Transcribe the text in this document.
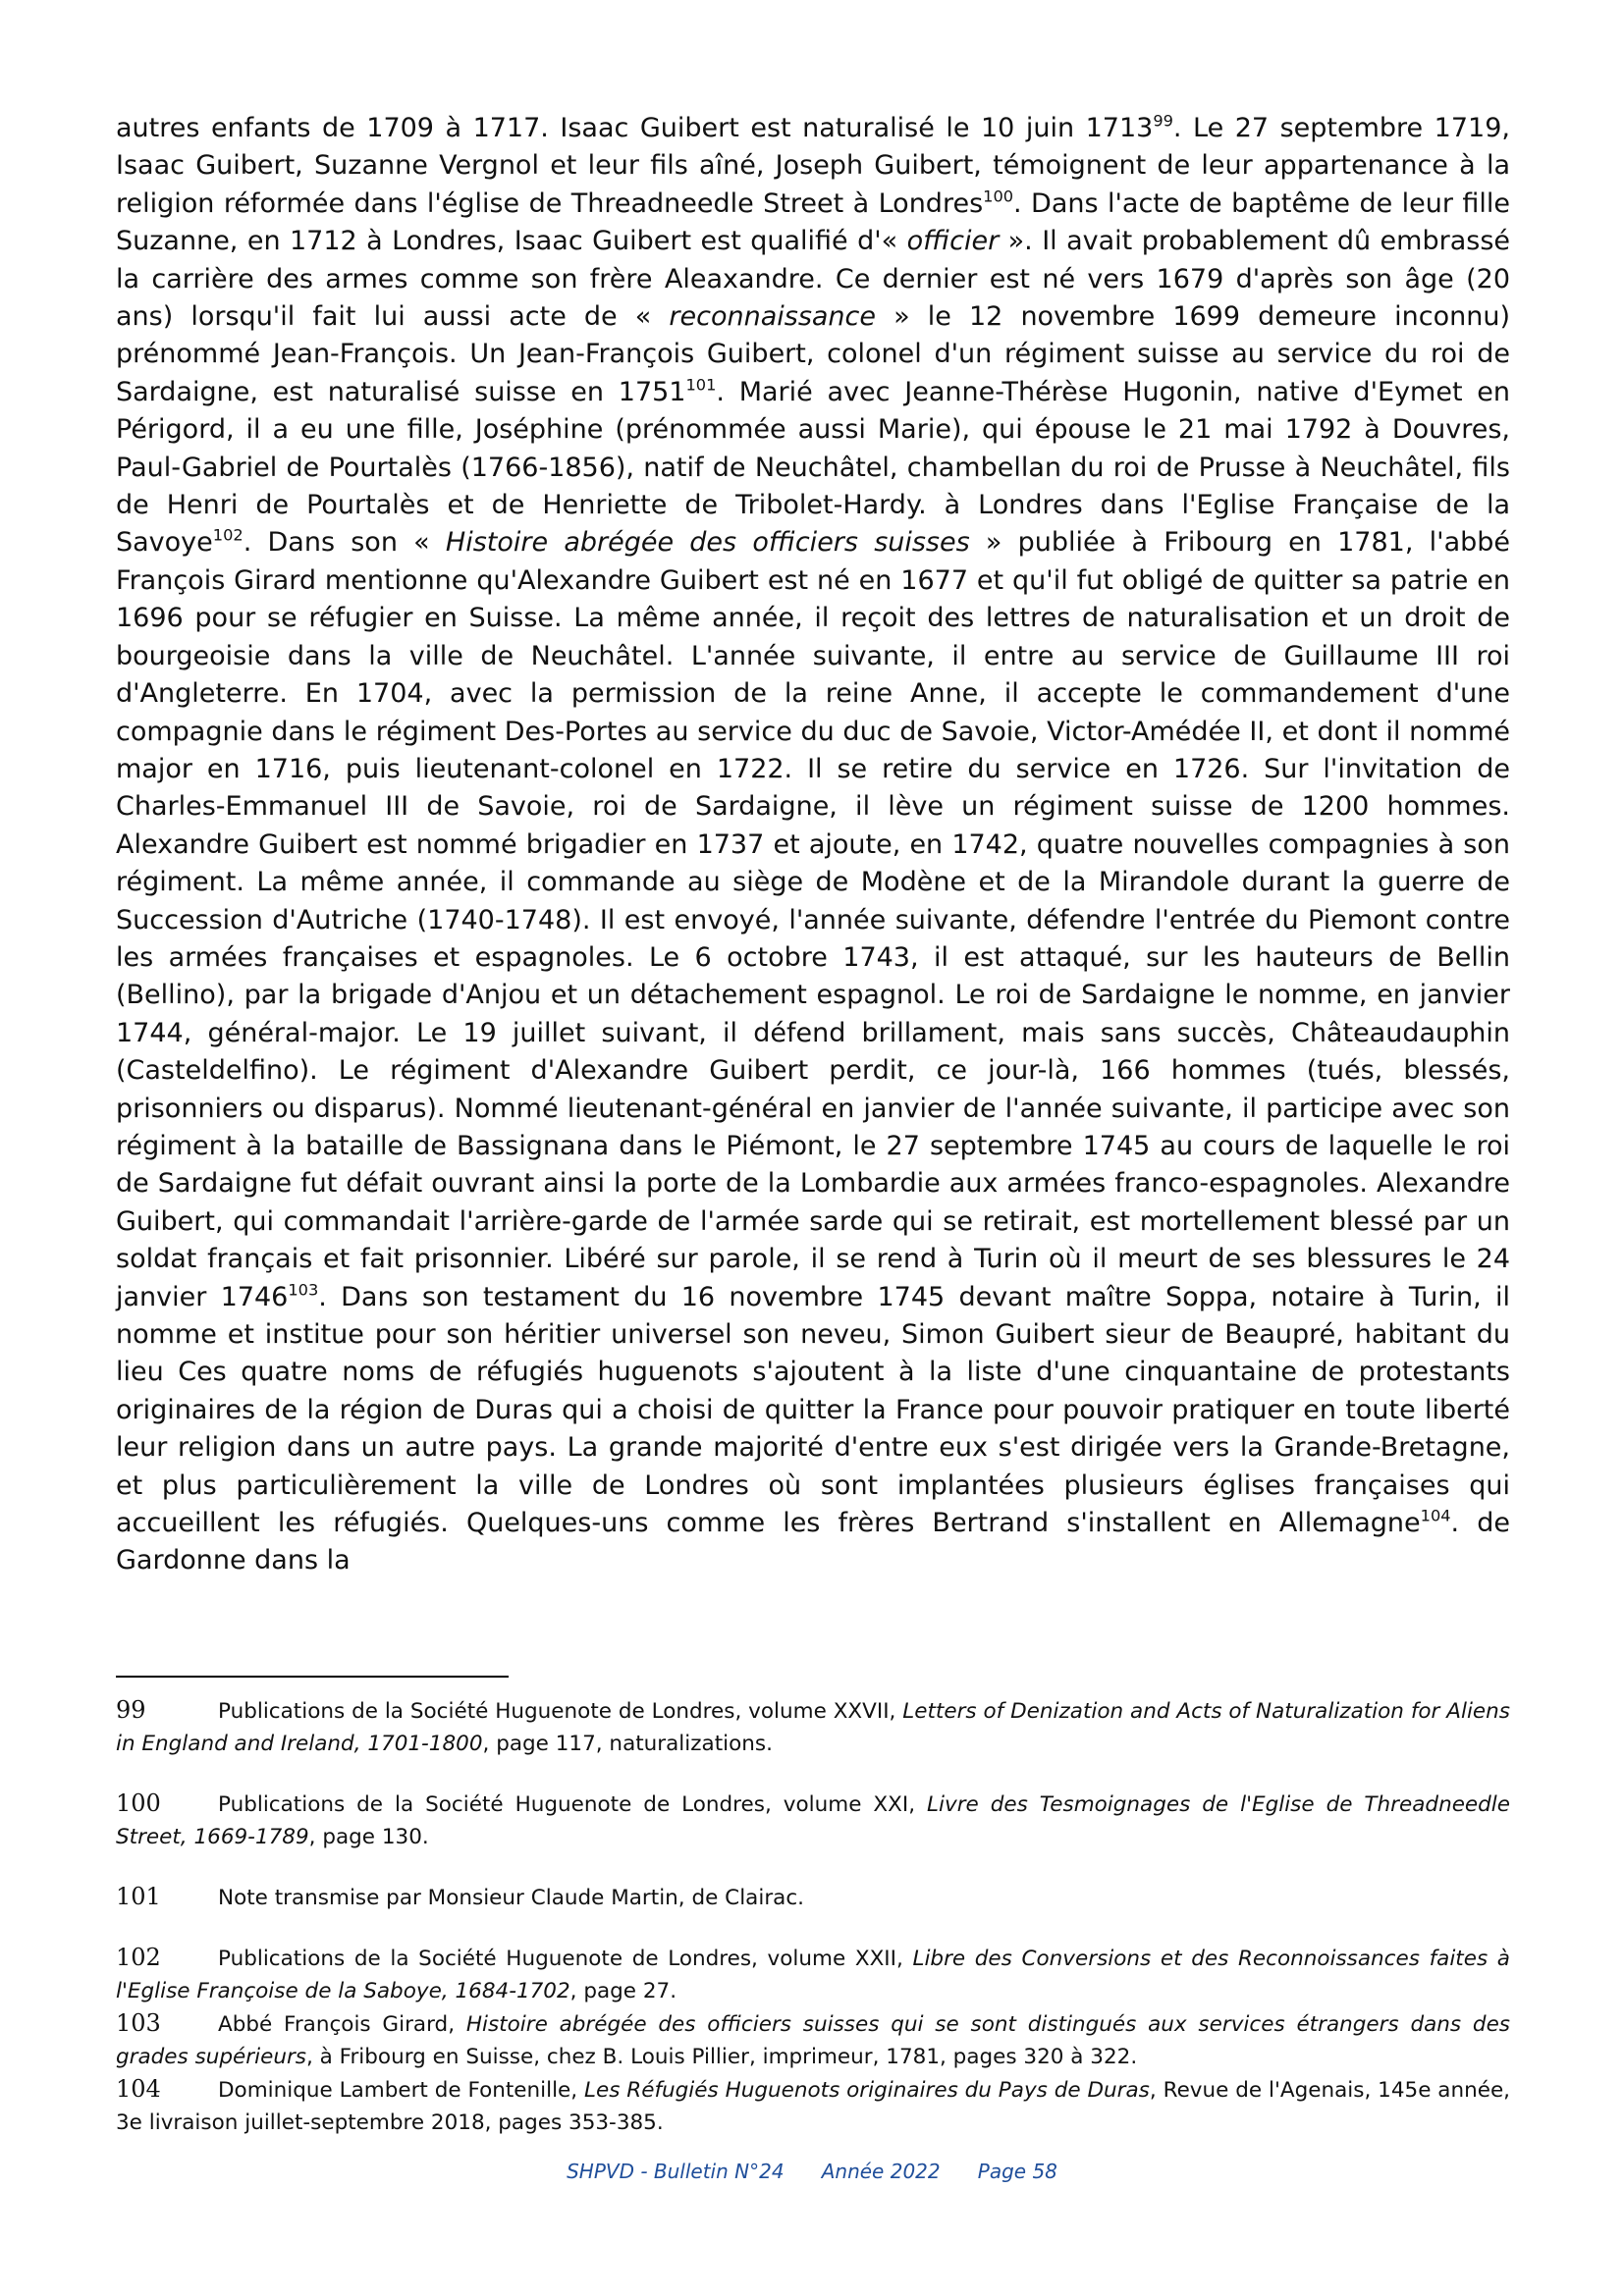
autres enfants de 1709 à 1717. Isaac Guibert est naturalisé le 10 juin 1713$^{99}$. Le 27 septembre 1719, Isaac Guibert, Suzanne Vergnol et leur fils aîné, Joseph Guibert, témoignent de leur appartenance à la religion réformée dans l'église de Threadneedle Street à Londres$^{100}$. Dans l'acte de baptême de leur fille Suzanne, en 1712 à Londres, Isaac Guibert est qualifié d'« officier ». Il avait probablement dû embrassé la carrière des armes comme son frère Aleaxandre. Ce dernier est né vers 1679 d'après son âge (20 ans) lorsqu'il fait lui aussi acte de « reconnaissance » le 12 novembre 1699 demeure inconnu) prénommé Jean-François. Un Jean-François Guibert, colonel d'un régiment suisse au service du roi de Sardaigne, est naturalisé suisse en 1751$^{101}$. Marié avec Jeanne-Thérèse Hugonin, native d'Eymet en Périgord, il a eu une fille, Joséphine (prénommée aussi Marie), qui épouse le 21 mai 1792 à Douvres, Paul-Gabriel de Pourtalès (1766-1856), natif de Neuchâtel, chambellan du roi de Prusse à Neuchâtel, fils de Henri de Pourtalès et de Henriette de Tribolet-Hardy. à Londres dans l'Eglise Française de la Savoye$^{102}$. Dans son « Histoire abrégée des officiers suisses » publiée à Fribourg en 1781, l'abbé François Girard mentionne qu'Alexandre Guibert est né en 1677 et qu'il fut obligé de quitter sa patrie en 1696 pour se réfugier en Suisse. La même année, il reçoit des lettres de naturalisation et un droit de bourgeoisie dans la ville de Neuchâtel. L'année suivante, il entre au service de Guillaume III roi d'Angleterre. En 1704, avec la permission de la reine Anne, il accepte le commandement d'une compagnie dans le régiment Des-Portes au service du duc de Savoie, Victor-Amédée II, et dont il nommé major en 1716, puis lieutenant-colonel en 1722. Il se retire du service en 1726. Sur l'invitation de Charles-Emmanuel III de Savoie, roi de Sardaigne, il lève un régiment suisse de 1200 hommes. Alexandre Guibert est nommé brigadier en 1737 et ajoute, en 1742, quatre nouvelles compagnies à son régiment. La même année, il commande au siège de Modène et de la Mirandole durant la guerre de Succession d'Autriche (1740-1748). Il est envoyé, l'année suivante, défendre l'entrée du Piemont contre les armées françaises et espagnoles. Le 6 octobre 1743, il est attaqué, sur les hauteurs de Bellin (Bellino), par la brigade d'Anjou et un détachement espagnol. Le roi de Sardaigne le nomme, en janvier 1744, général-major. Le 19 juillet suivant, il défend brillament, mais sans succès, Châteaudauphin (Casteldelfino). Le régiment d'Alexandre Guibert perdit, ce jour-là, 166 hommes (tués, blessés, prisonniers ou disparus). Nommé lieutenant-général en janvier de l'année suivante, il participe avec son régiment à la bataille de Bassignana dans le Piémont, le 27 septembre 1745 au cours de laquelle le roi de Sardaigne fut défait ouvrant ainsi la porte de la Lombardie aux armées franco-espagnoles. Alexandre Guibert, qui commandait l'arrière-garde de l'armée sarde qui se retirait, est mortellement blessé par un soldat français et fait prisonnier. Libéré sur parole, il se rend à Turin où il meurt de ses blessures le 24 janvier 1746$^{103}$. Dans son testament du 16 novembre 1745 devant maître Soppa, notaire à Turin, il nomme et institue pour son héritier universel son neveu, Simon Guibert sieur de Beaupré, habitant du lieu Ces quatre noms de réfugiés huguenots s'ajoutent à la liste d'une cinquantaine de protestants originaires de la région de Duras qui a choisi de quitter la France pour pouvoir pratiquer en toute liberté leur religion dans un autre pays. La grande majorité d'entre eux s'est dirigée vers la Grande-Bretagne, et plus particulièrement la ville de Londres où sont implantées plusieurs églises françaises qui accueillent les réfugiés. Quelques-uns comme les frères Bertrand s'installent en Allemagne$^{104}$. de Gardonne dans la

99	Publications de la Société Huguenote de Londres, volume XXVII, Letters of Denization and Acts of Naturalization for Aliens in England and Ireland, 1701-1800, page 117, naturalizations.

100	Publications de la Société Huguenote de Londres, volume XXI, Livre des Tesmoignages de l'Eglise de Threadneedle Street, 1669-1789, page 130.

101	Note transmise par Monsieur Claude Martin, de Clairac.

102	Publications de la Société Huguenote de Londres, volume XXII, Libre des Conversions et des Reconnoissances faites à l'Eglise Françoise de la Saboye, 1684-1702, page 27.

103	Abbé François Girard, Histoire abrégée des officiers suisses qui se sont distingués aux services étrangers dans des grades supérieurs, à Fribourg en Suisse, chez B. Louis Pillier, imprimeur, 1781, pages 320 à 322.

104	Dominique Lambert de Fontenille, Les Réfugiés Huguenots originaires du Pays de Duras, Revue de l'Agenais, 145e année, 3e livraison juillet-septembre 2018, pages 353-385.

SHPVD - Bulletin N°24 Année 2022 Page 58
